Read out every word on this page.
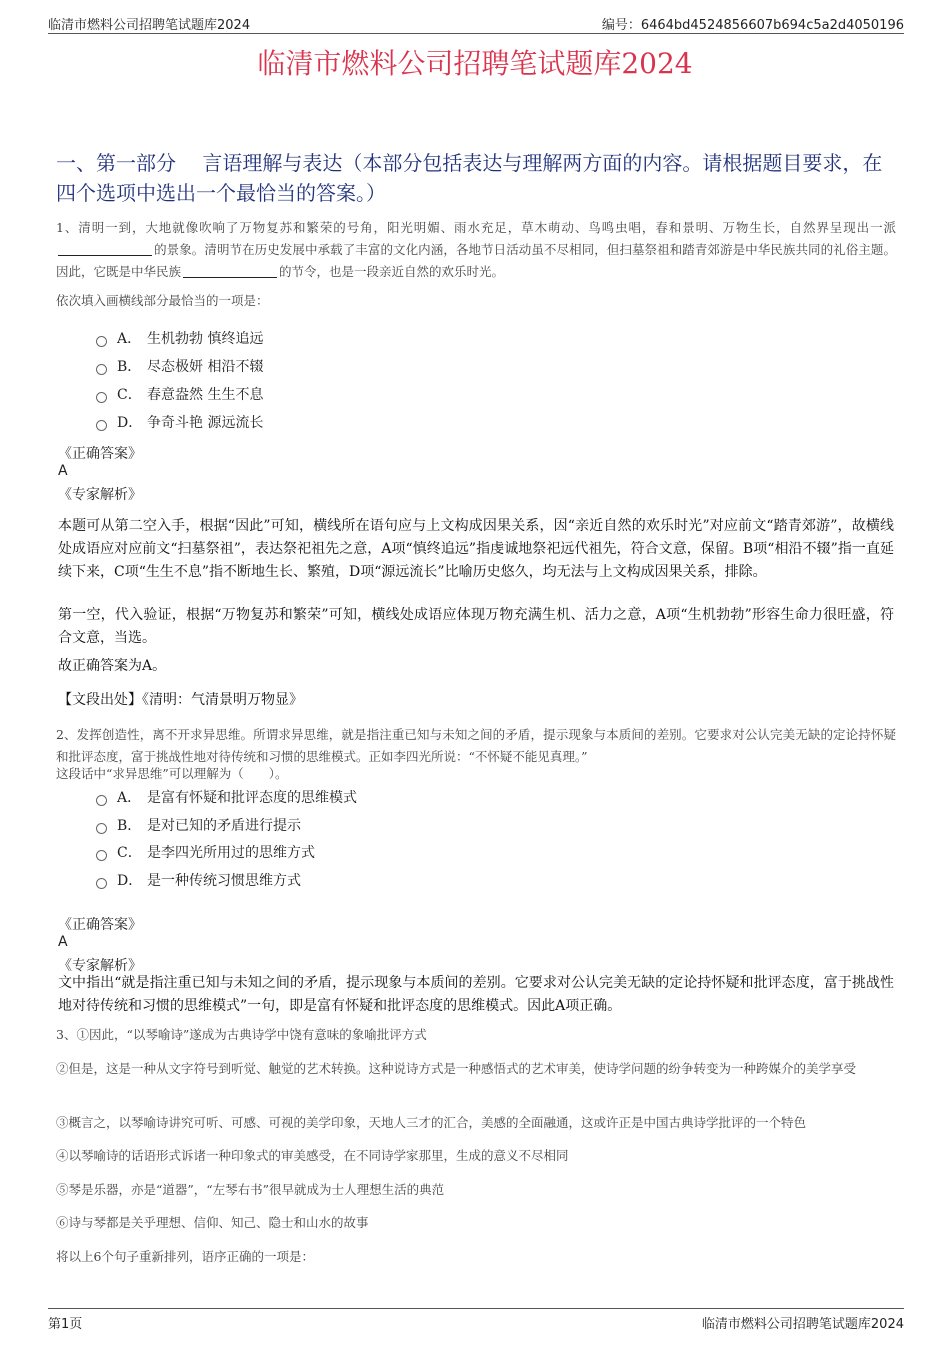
临清市燃料公司招聘笔试题库2024	编号：6464bd4524856607b694c5a2d4050196
临清市燃料公司招聘笔试题库2024
一、第一部分　 言语理解与表达（本部分包括表达与理解两方面的内容。请根据题目要求，在四个选项中选出一个最恰当的答案。）
1、清明一到，大地就像吹响了万物复苏和繁荣的号角，阳光明媚、雨水充足，草木萌动、鸟鸣虫唱，春和景明、万物生长，自然界呈现出一派的景象。清明节在历史发展中承载了丰富的文化内涵，各地节日活动虽不尽相同，但扫墓祭祖和踏青郊游是中华民族共同的礼俗主题。因此，它既是中华民族	的节令，也是一段亲近自然的欢乐时光。
依次填入画横线部分最恰当的一项是：
A． 生机勃勃 慎终追远
B． 尽态极妍 相沿不辍
C． 春意盎然 生生不息
D． 争奇斗艳 源远流长
《正确答案》
A
《专家解析》
本题可从第二空入手，根据“因此”可知，横线所在语句应与上文构成因果关系，因“亲近自然的欢乐时光”对应前文“踏青郊游”，故横线处成语应对应前文“扫墓祭祖”，表达祭祀祖先之意，A项“慎终追远”指虔诚地祭祀远代祖先，符合文意，保留。B项“相沿不辍”指一直延续下来，C项“生生不息”指不断地生长、繁殖，D项“源远流长”比喻历史悠久，均无法与上文构成因果关系，排除。
第一空，代入验证，根据“万物复苏和繁荣”可知，横线处成语应体现万物充满生机、活力之意，A项“生机勃勃”形容生命力很旺盛，符合文意，当选。
故正确答案为A。
【文段出处】《清明：气清景明万物显》
2、发挥创造性，离不开求异思维。所谓求异思维，就是指注重已知与未知之间的矛盾，提示现象与本质间的差别。它要求对公认完美无缺的定论持怀疑和批评态度，富于挑战性地对待传统和习惯的思维模式。正如李四光所说：“不怀疑不能见真理。”
这段话中“求异思维”可以理解为（　　）。
A． 是富有怀疑和批评态度的思维模式
B． 是对已知的矛盾进行提示
C． 是李四光所用过的思维方式
D． 是一种传统习惯思维方式
《正确答案》
A
《专家解析》
文中指出“就是指注重已知与未知之间的矛盾，提示现象与本质间的差别。它要求对公认完美无缺的定论持怀疑和批评态度，富于挑战性地对待传统和习惯的思维模式”一句，即是富有怀疑和批评态度的思维模式。因此A项正确。
3、①因此，“以琴喻诗”遂成为古典诗学中饶有意味的象喻批评方式
②但是，这是一种从文字符号到听觉、触觉的艺术转换。这种说诗方式是一种感悟式的艺术审美，使诗学问题的纷争转变为一种跨媒介的美学享受
③概言之，以琴喻诗讲究可听、可感、可视的美学印象，天地人三才的汇合，美感的全面融通，这或许正是中国古典诗学批评的一个特色
④以琴喻诗的话语形式诉诸一种印象式的审美感受，在不同诗学家那里，生成的意义不尽相同
⑤琴是乐器，亦是“道器”，“左琴右书”很早就成为士人理想生活的典范
⑥诗与琴都是关乎理想、信仰、知己、隐士和山水的故事
将以上6个句子重新排列，语序正确的一项是：
第1页	临清市燃料公司招聘笔试题库2024
